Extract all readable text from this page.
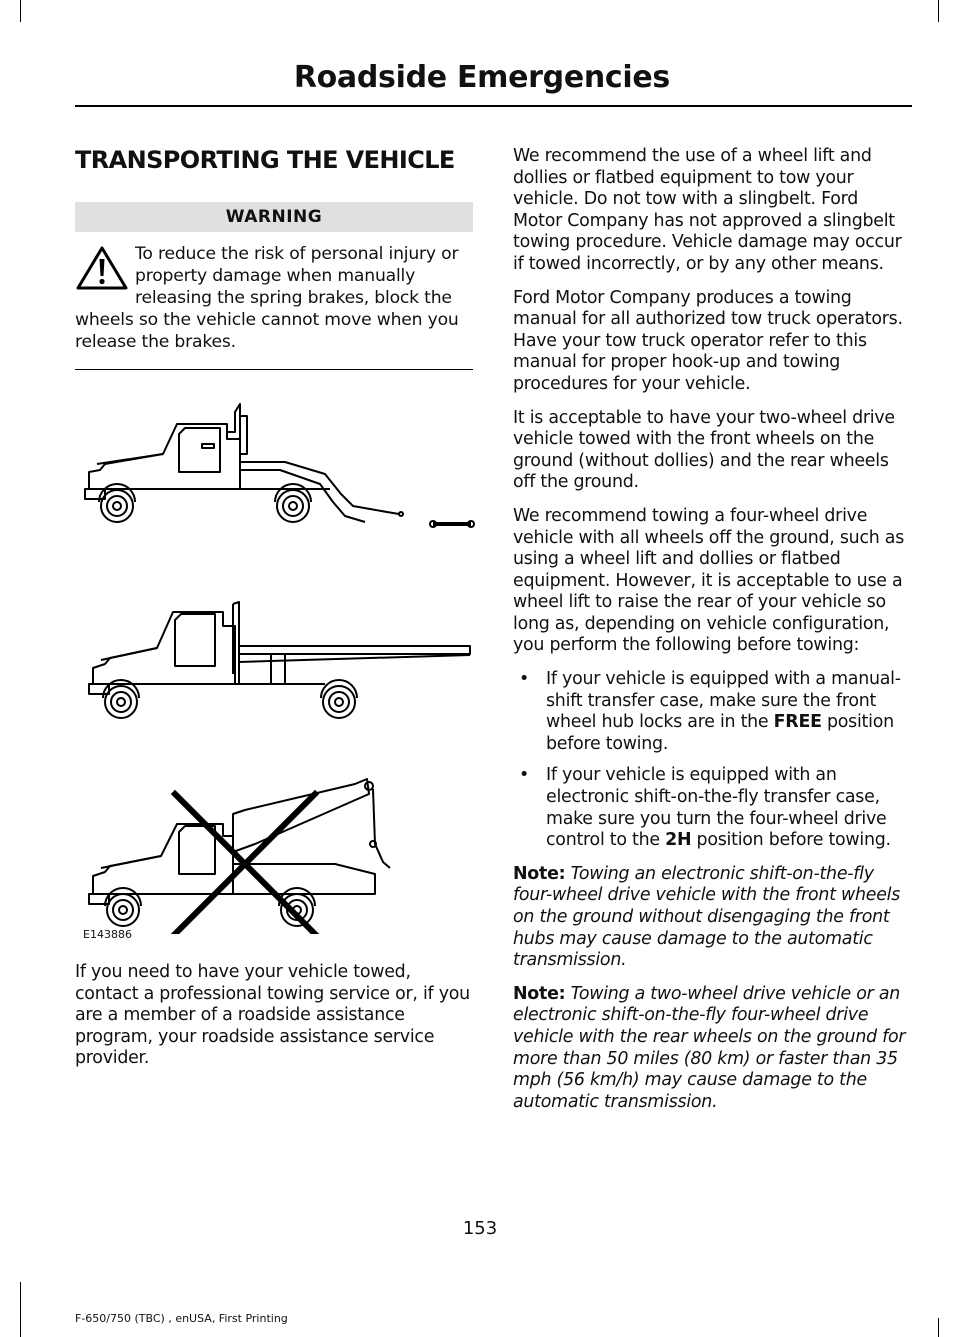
Roadside Emergencies
TRANSPORTING THE VEHICLE
WARNING
To reduce the risk of personal injury or property damage when manually releasing the spring brakes, block the wheels so the vehicle cannot move when you release the brakes.
E143886

If you need to have your vehicle towed, contact a professional towing service or, if you are a member of a roadside assistance program, your roadside assistance service provider.

We recommend the use of a wheel lift and dollies or flatbed equipment to tow your vehicle. Do not tow with a slingbelt. Ford Motor Company has not approved a slingbelt towing procedure. Vehicle damage may occur if towed incorrectly, or by any other means.

Ford Motor Company produces a towing manual for all authorized tow truck operators. Have your tow truck operator refer to this manual for proper hook-up and towing procedures for your vehicle.

It is acceptable to have your two-wheel drive vehicle towed with the front wheels on the ground (without dollies) and the rear wheels off the ground.

We recommend towing a four-wheel drive vehicle with all wheels off the ground, such as using a wheel lift and dollies or flatbed equipment. However, it is acceptable to use a wheel lift to raise the rear of your vehicle so long as, depending on vehicle configuration, you perform the following before towing:

• If your vehicle is equipped with a manual-shift transfer case, make sure the front wheel hub locks are in the FREE position before towing.
• If your vehicle is equipped with an electronic shift-on-the-fly transfer case, make sure you turn the four-wheel drive control to the 2H position before towing.

Note: Towing an electronic shift-on-the-fly four-wheel drive vehicle with the front wheels on the ground without disengaging the front hubs may cause damage to the automatic transmission.

Note: Towing a two-wheel drive vehicle or an electronic shift-on-the-fly four-wheel drive vehicle with the rear wheels on the ground for more than 50 miles (80 km) or faster than 35 mph (56 km/h) may cause damage to the automatic transmission.

153
F-650/750 (TBC) , enUSA, First Printing
